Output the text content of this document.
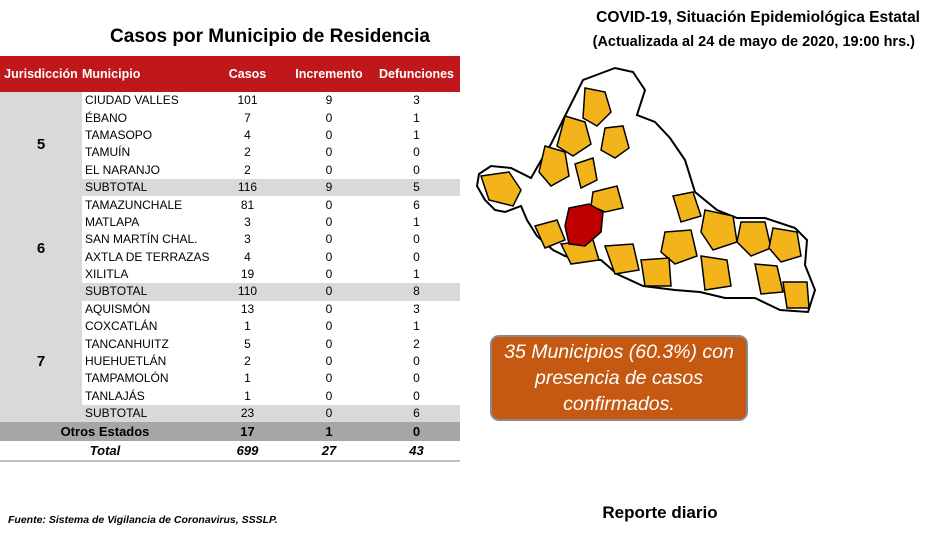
Casos por Municipio de Residencia
COVID-19, Situación Epidemiológica Estatal
(Actualizada al 24 de mayo de 2020, 19:00 hrs.)
Jurisdicción	Municipio	Casos	Incremento	Defunciones
5	CIUDAD VALLES	101	9	3
	ÉBANO	7	0	1
	TAMASOPO	4	0	1
	TAMUÍN	2	0	0
	EL NARANJO	2	0	0
	SUBTOTAL	116	9	5
6	TAMAZUNCHALE	81	0	6
	MATLAPA	3	0	1
	SAN MARTÍN CHAL.	3	0	0
	AXTLA DE TERRAZAS	4	0	0
	XILITLA	19	0	1
	SUBTOTAL	110	0	8
7	AQUISMÓN	13	0	3
	COXCATLÁN	1	0	1
	TANCANHUITZ	5	0	2
	HUEHUETLÁN	2	0	0
	TAMPAMOLÓN	1	0	0
	TANLAJÁS	1	0	0
	SUBTOTAL	23	0	6
Otros Estados		17	1	0
Total		699	27	43
35 Municipios (60.3%) con presencia de casos confirmados.
Reporte diario
Fuente: Sistema de Vigilancia de Coronavirus, SSSLP.
